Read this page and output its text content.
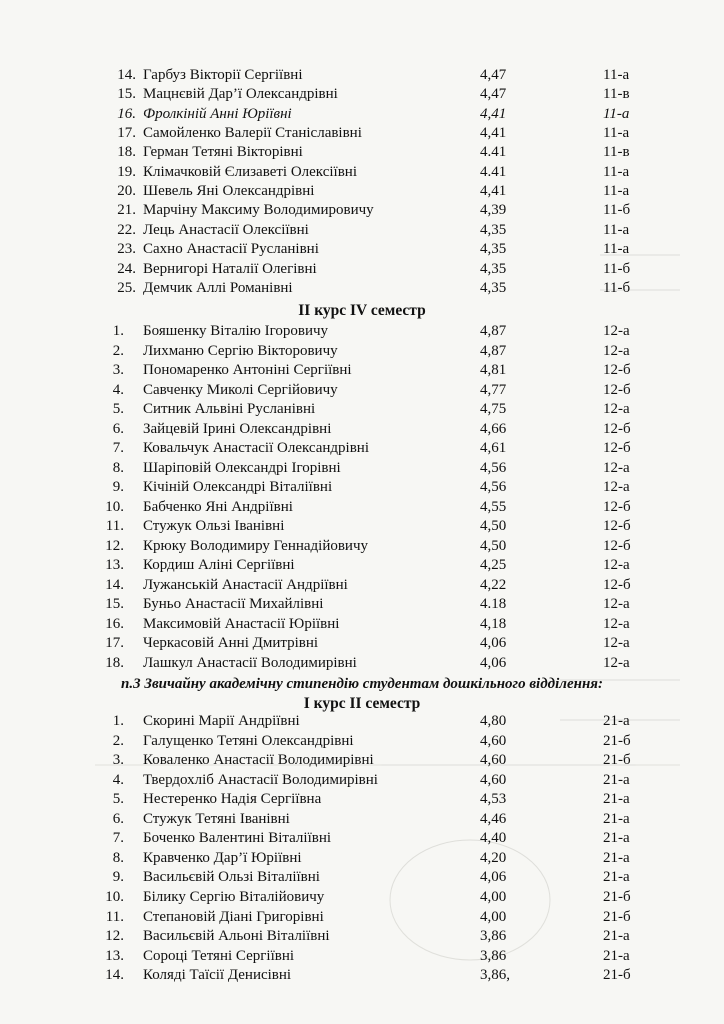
14. Гарбуз Вікторії Сергіївні	4,47	11-а
15. Мацнєвій Дар’ї Олександрівні	4,47	11-в
16. Фролкіній Анні Юріївні	4,41	11-а
17. Самойленко Валерії Станіславівні	4,41	11-а
18. Герман Тетяні Вікторівні	4.41	11-в
19. Клімачковій Єлизаветі Олексіївні	4.41	11-а
20. Шевель Яні Олександрівні	4,41	11-а
21. Марчіну Максиму Володимировичу	4,39	11-б
22. Лець Анастасії Олексіївні	4,35	11-а
23. Сахно Анастасії Русланівні	4,35	11-а
24. Вернигорі Наталії Олегівні	4,35	11-б
25. Демчик Аллі Романівні	4,35	11-б
ІІ курс IV семестр
1. Бояшенку Віталію Ігоровичу	4,87	12-а
2. Лихманю Сергію Вікторовичу	4,87	12-а
3. Пономаренко Антоніні Сергіївні	4,81	12-б
4. Савченку Миколі Сергійовичу	4,77	12-б
5. Ситник Альвіні Русланівні	4,75	12-а
6. Зайцевій Ірині Олександрівні	4,66	12-б
7. Ковальчук Анастасії Олександрівні	4,61	12-б
8. Шаріповій Олександрі Ігорівні	4,56	12-а
9. Кічіній Олександрі Віталіївні	4,56	12-а
10. Бабченко Яні Андріївні	4,55	12-б
11. Стужук Ользі Іванівні	4,50	12-б
12. Крюку Володимиру Геннадійовичу	4,50	12-б
13. Кордиш Аліні Сергіївні	4,25	12-а
14. Лужанській Анастасії Андріївні	4,22	12-б
15. Буньо Анастасії Михайлівні	4.18	12-а
16. Максимовій Анастасії Юріївні	4,18	12-а
17. Черкасовій Анні Дмитрівні	4,06	12-а
18. Лашкул Анастасії Володимирівні	4,06	12-а
п.3 Звичайну академічну стипендію студентам дошкільного відділення:
І курс ІІ семестр
1. Скорині Марії Андріївні	4,80	21-а
2. Галущенко Тетяні Олександрівні	4,60	21-б
3. Коваленко Анастасії Володимирівні	4,60	21-б
4. Твердохліб Анастасії Володимирівні	4,60	21-а
5. Нестеренко Надія Сергіївна	4,53	21-а
6. Стужук Тетяні Іванівні	4,46	21-а
7. Боченко Валентині Віталіївні	4,40	21-а
8. Кравченко Дар’ї Юріївні	4,20	21-а
9. Васильєвій Ользі Віталіївні	4,06	21-а
10. Білику Сергію Віталійовичу	4,00	21-б
11. Степановій Діані Григорівні	4,00	21-б
12. Васильєвій Альоні Віталіївні	3,86	21-а
13. Сороці Тетяні Сергіївні	3,86	21-а
14. Коляді Таїсії Денисівні	3,86,	21-б
